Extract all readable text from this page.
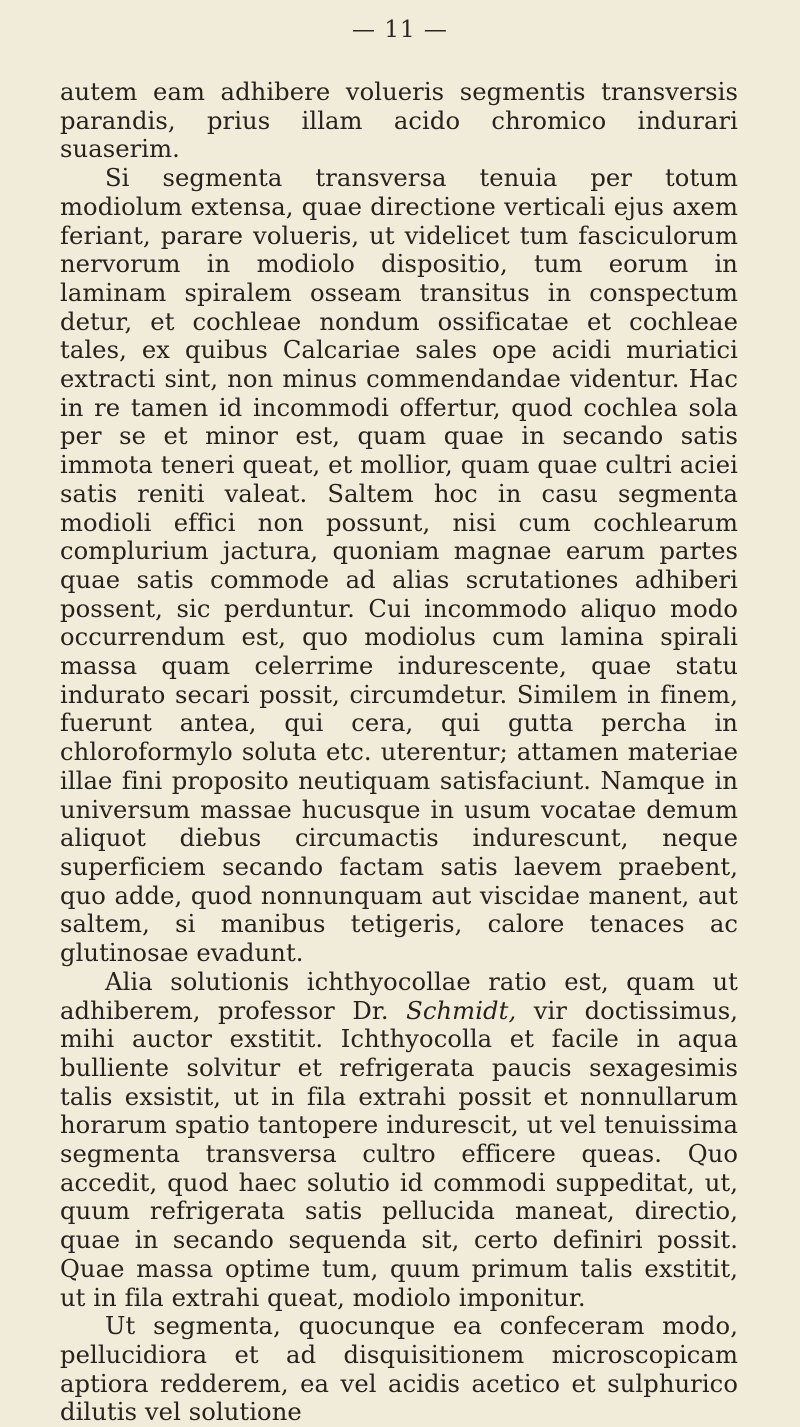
— 11 —

autem eam adhibere volueris segmentis transversis parandis, prius illam acido chromico indurari suaserim.

Si segmenta transversa tenuia per totum modiolum extensa, quae directione verticali ejus axem feriant, parare volueris, ut videlicet tum fasciculorum nervorum in modiolo dispositio, tum eorum in laminam spiralem osseam transitus in conspectum detur, et cochleae nondum ossificatae et cochleae tales, ex quibus Calcariae sales ope acidi muriatici extracti sint, non minus commendandae videntur. Hac in re tamen id incommodi offertur, quod cochlea sola per se et minor est, quam quae in secando satis immota teneri queat, et mollior, quam quae cultri aciei satis reniti valeat. Saltem hoc in casu segmenta modioli effici non possunt, nisi cum cochlearum complurium jactura, quoniam magnae earum partes quae satis commode ad alias scrutationes adhiberi possent, sic perduntur. Cui incommodo aliquo modo occurrendum est, quo modiolus cum lamina spirali massa quam celerrime indurescente, quae statu indurato secari possit, circumdetur. Similem in finem, fuerunt antea, qui cera, qui gutta percha in chloroformylo soluta etc. uterentur; attamen materiae illae fini proposito neutiquam satisfaciunt. Namque in universum massae hucusque in usum vocatae demum aliquot diebus circumactis indurescunt, neque superficiem secando factam satis laevem praebent, quo adde, quod nonnunquam aut viscidae manent, aut saltem, si manibus tetigeris, calore tenaces ac glutinosae evadunt.

Alia solutionis ichthyocollae ratio est, quam ut adhiberem, professor Dr. Schmidt, vir doctissimus, mihi auctor exstitit. Ichthyocolla et facile in aqua bulliente solvitur et refrigerata paucis sexagesimis talis exsistit, ut in fila extrahi possit et nonnullarum horarum spatio tantopere indurescit, ut vel tenuissima segmenta transversa cultro efficere queas. Quo accedit, quod haec solutio id commodi suppeditat, ut, quum refrigerata satis pellucida maneat, directio, quae in secando sequenda sit, certo definiri possit. Quae massa optime tum, quum primum talis exstitit, ut in fila extrahi queat, modiolo imponitur.

Ut segmenta, quocunque ea confeceram modo, pellucidiora et ad disquisitionem microscopicam aptiora redderem, ea vel acidis acetico et sulphurico dilutis vel solutione
